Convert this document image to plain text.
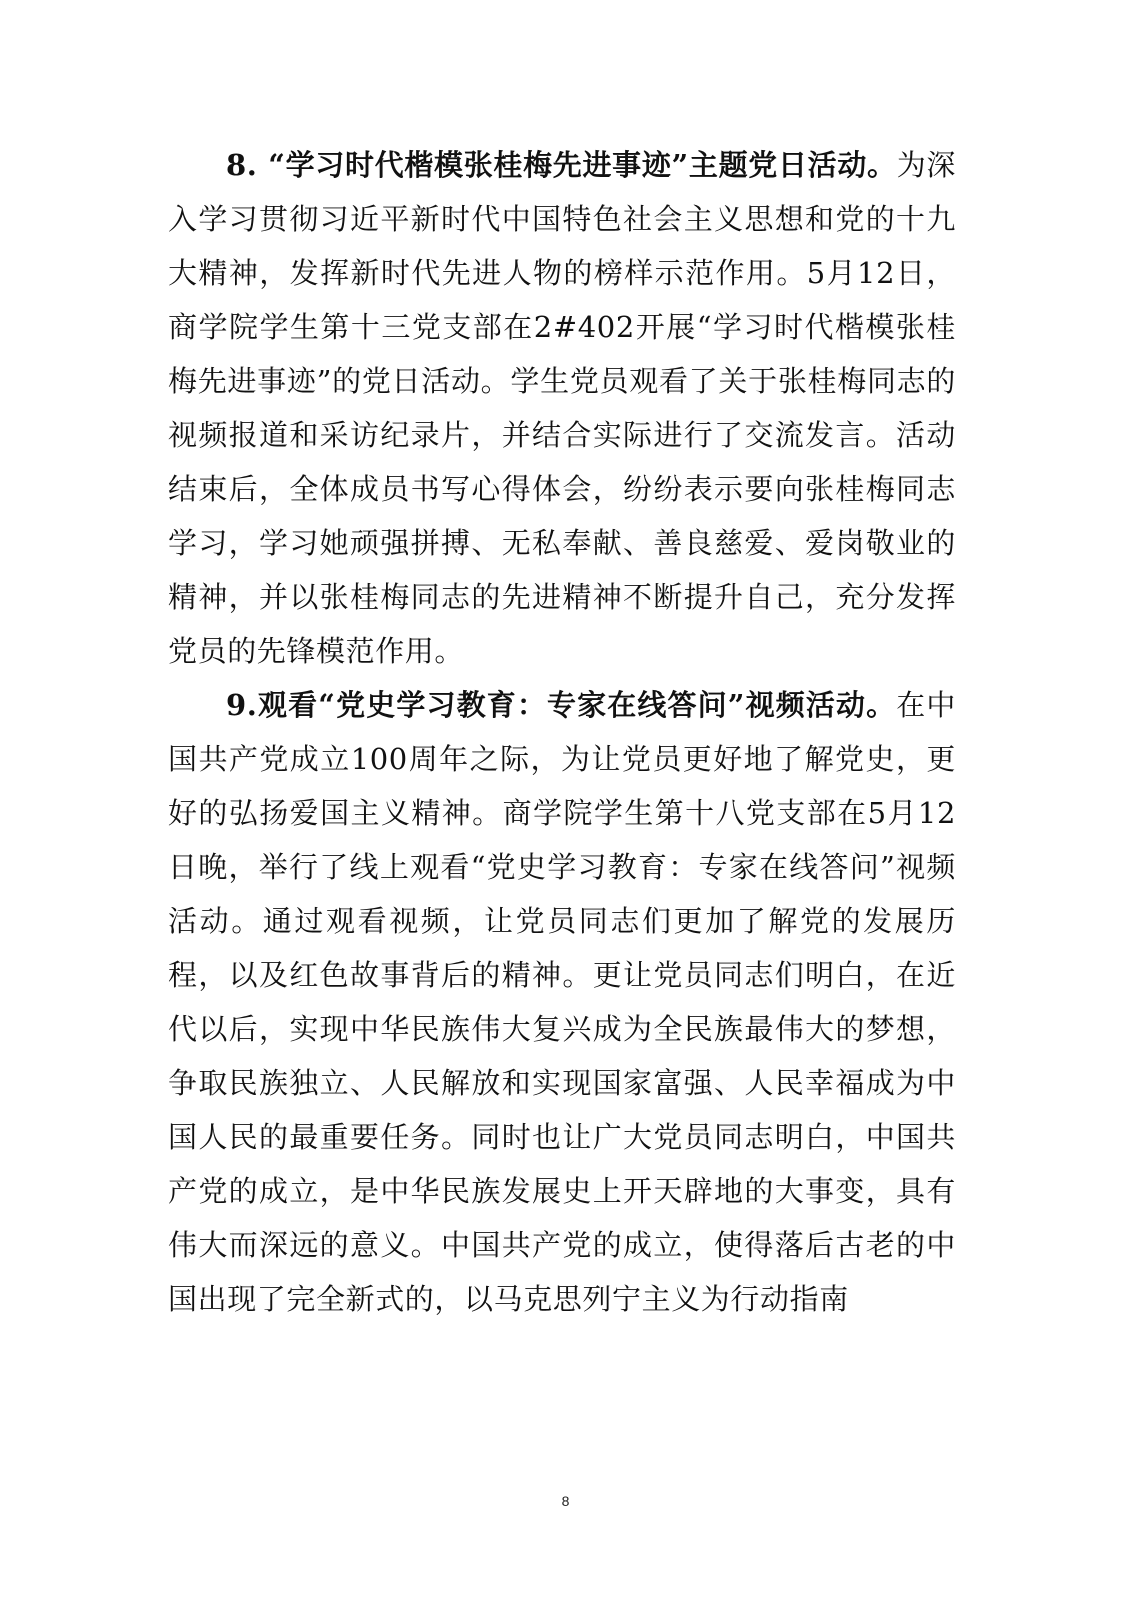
8. “学习时代楷模张桂梅先进事迹”主题党日活动。为深入学习贯彻习近平新时代中国特色社会主义思想和党的十九大精神，发挥新时代先进人物的榜样示范作用。5月12日，商学院学生第十三党支部在2#402开展“学习时代楷模张桂梅先进事迹”的党日活动。学生党员观看了关于张桂梅同志的视频报道和采访纪录片，并结合实际进行了交流发言。活动结束后，全体成员书写心得体会，纷纷表示要向张桂梅同志学习，学习她顽强拼搏、无私奉献、善良慈爱、爱岗敬业的精神，并以张桂梅同志的先进精神不断提升自己，充分发挥党员的先锋模范作用。

9.观看“党史学习教育：专家在线答问”视频活动。在中国共产党成立100周年之际，为让党员更好地了解党史，更好的弘扬爱国主义精神。商学院学生第十八党支部在5月12日晚，举行了线上观看“党史学习教育：专家在线答问”视频活动。通过观看视频，让党员同志们更加了解党的发展历程，以及红色故事背后的精神。更让党员同志们明白，在近代以后，实现中华民族伟大复兴成为全民族最伟大的梦想，争取民族独立、人民解放和实现国家富强、人民幸福成为中国人民的最重要任务。同时也让广大党员同志明白，中国共产党的成立，是中华民族发展史上开天辟地的大事变，具有伟大而深远的意义。中国共产党的成立，使得落后古老的中国出现了完全新式的，以马克思列宁主义为行动指南

8
